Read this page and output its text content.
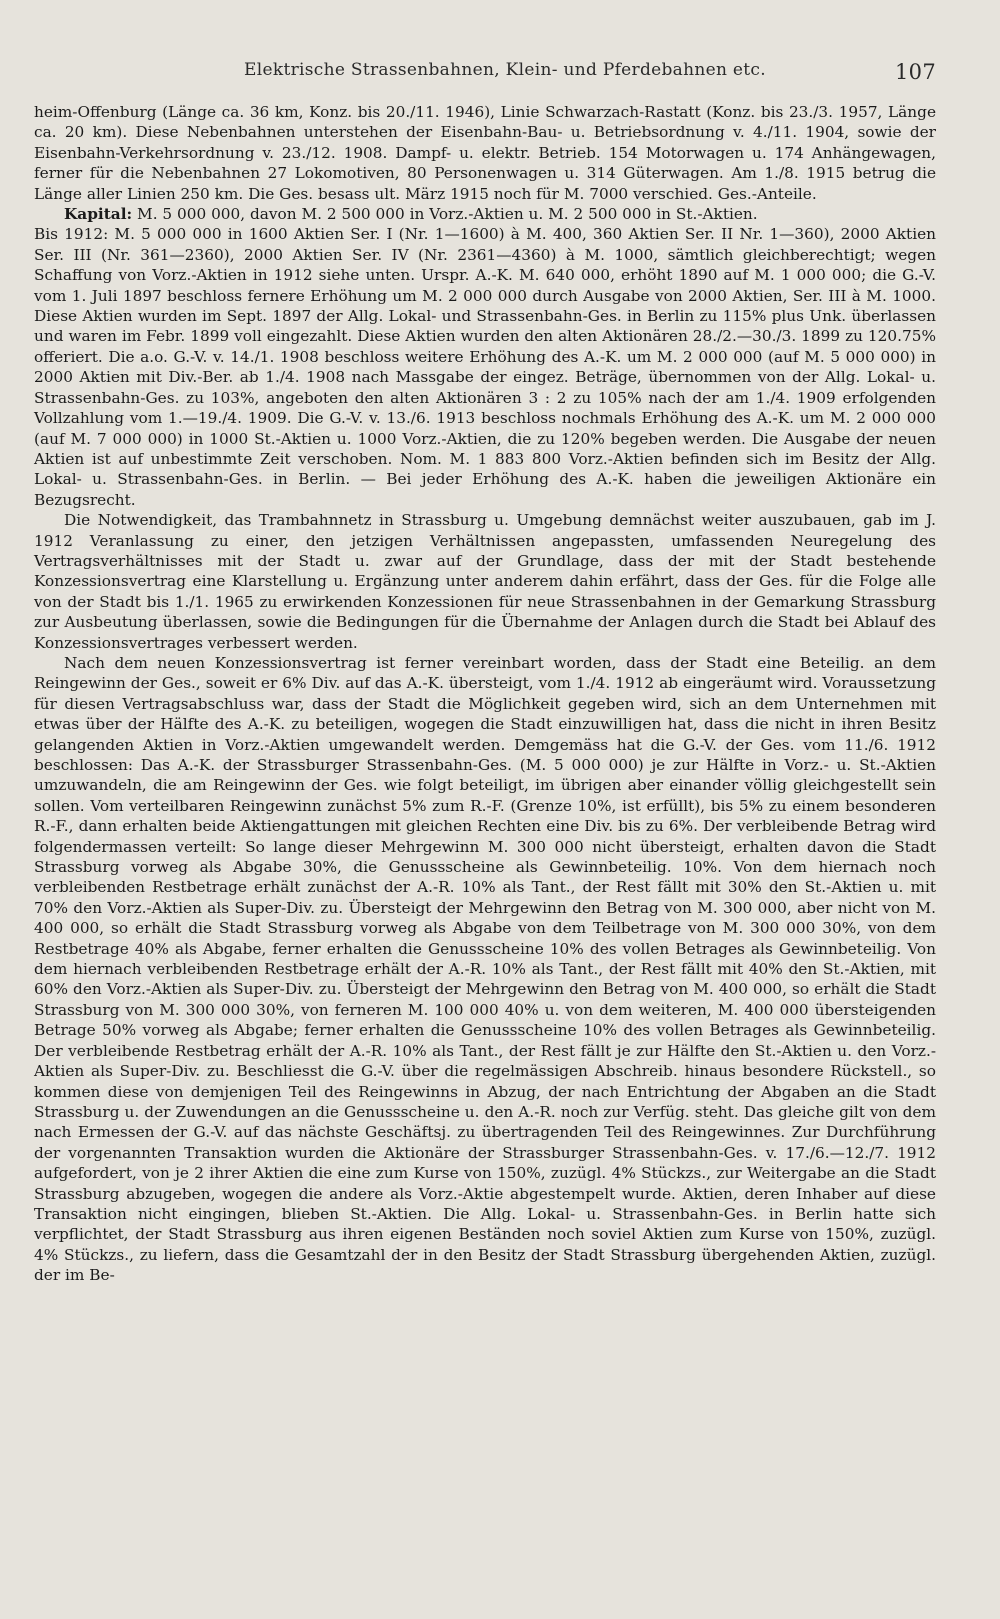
Elektrische Strassenbahnen, Klein- und Pferdebahnen etc.	107

heim-Offenburg (Länge ca. 36 km, Konz. bis 20./11. 1946), Linie Schwarzach-Rastatt (Konz. bis 23./3. 1957, Länge ca. 20 km). Diese Nebenbahnen unterstehen der Eisenbahn-Bau- u. Betriebsordnung v. 4./11. 1904, sowie der Eisenbahn-Verkehrsordnung v. 23./12. 1908. Dampf- u. elektr. Betrieb. 154 Motorwagen u. 174 Anhängewagen, ferner für die Nebenbahnen 27 Lokomotiven, 80 Personenwagen u. 314 Güterwagen. Am 1./8. 1915 betrug die Länge aller Linien 250 km. Die Ges. besass ult. März 1915 noch für M. 7000 verschied. Ges.-Anteile.

Kapital: M. 5 000 000, davon M. 2 500 000 in Vorz.-Aktien u. M. 2 500 000 in St.-Aktien.

Bis 1912: M. 5 000 000 in 1600 Aktien Ser. I (Nr. 1—1600) à M. 400, 360 Aktien Ser. II Nr. 1—360), 2000 Aktien Ser. III (Nr. 361—2360), 2000 Aktien Ser. IV (Nr. 2361—4360) à M. 1000, sämtlich gleichberechtigt; wegen Schaffung von Vorz.-Aktien in 1912 siehe unten. Urspr. A.-K. M. 640 000, erhöht 1890 auf M. 1 000 000; die G.-V. vom 1. Juli 1897 beschloss fernere Erhöhung um M. 2 000 000 durch Ausgabe von 2000 Aktien, Ser. III à M. 1000. Diese Aktien wurden im Sept. 1897 der Allg. Lokal- und Strassenbahn-Ges. in Berlin zu 115% plus Unk. überlassen und waren im Febr. 1899 voll eingezahlt. Diese Aktien wurden den alten Aktionären 28./2.—30./3. 1899 zu 120.75% offeriert. Die a.o. G.-V. v. 14./1. 1908 beschloss weitere Erhöhung des A.-K. um M. 2 000 000 (auf M. 5 000 000) in 2000 Aktien mit Div.-Ber. ab 1./4. 1908 nach Massgabe der eingez. Beträge, übernommen von der Allg. Lokal- u. Strassenbahn-Ges. zu 103%, angeboten den alten Aktionären 3 : 2 zu 105% nach der am 1./4. 1909 erfolgenden Vollzahlung vom 1.—19./4. 1909. Die G.-V. v. 13./6. 1913 beschloss nochmals Erhöhung des A.-K. um M. 2 000 000 (auf M. 7 000 000) in 1000 St.-Aktien u. 1000 Vorz.-Aktien, die zu 120% begeben werden. Die Ausgabe der neuen Aktien ist auf unbestimmte Zeit verschoben. Nom. M. 1 883 800 Vorz.-Aktien befinden sich im Besitz der Allg. Lokal- u. Strassenbahn-Ges. in Berlin. — Bei jeder Erhöhung des A.-K. haben die jeweiligen Aktionäre ein Bezugsrecht.

Die Notwendigkeit, das Trambahnnetz in Strassburg u. Umgebung demnächst weiter auszubauen, gab im J. 1912 Veranlassung zu einer, den jetzigen Verhältnissen angepassten, umfassenden Neuregelung des Vertragsverhältnisses mit der Stadt u. zwar auf der Grundlage, dass der mit der Stadt bestehende Konzessionsvertrag eine Klarstellung u. Ergänzung unter anderem dahin erfährt, dass der Ges. für die Folge alle von der Stadt bis 1./1. 1965 zu erwirkenden Konzessionen für neue Strassenbahnen in der Gemarkung Strassburg zur Ausbeutung überlassen, sowie die Bedingungen für die Übernahme der Anlagen durch die Stadt bei Ablauf des Konzessionsvertrages verbessert werden.

Nach dem neuen Konzessionsvertrag ist ferner vereinbart worden, dass der Stadt eine Beteilig. an dem Reingewinn der Ges., soweit er 6% Div. auf das A.-K. übersteigt, vom 1./4. 1912 ab eingeräumt wird. Voraussetzung für diesen Vertragsabschluss war, dass der Stadt die Möglichkeit gegeben wird, sich an dem Unternehmen mit etwas über der Hälfte des A.-K. zu beteiligen, wogegen die Stadt einzuwilligen hat, dass die nicht in ihren Besitz gelangenden Aktien in Vorz.-Aktien umgewandelt werden. Demgemäss hat die G.-V. der Ges. vom 11./6. 1912 beschlossen: Das A.-K. der Strassburger Strassenbahn-Ges. (M. 5 000 000) je zur Hälfte in Vorz.- u. St.-Aktien umzuwandeln, die am Reingewinn der Ges. wie folgt beteiligt, im übrigen aber einander völlig gleichgestellt sein sollen. Vom verteilbaren Reingewinn zunächst 5% zum R.-F. (Grenze 10%, ist erfüllt), bis 5% zu einem besonderen R.-F., dann erhalten beide Aktiengattungen mit gleichen Rechten eine Div. bis zu 6%. Der verbleibende Betrag wird folgendermassen verteilt: So lange dieser Mehrgewinn M. 300 000 nicht übersteigt, erhalten davon die Stadt Strassburg vorweg als Abgabe 30%, die Genussscheine als Gewinnbeteilig. 10%. Von dem hiernach noch verbleibenden Restbetrage erhält zunächst der A.-R. 10% als Tant., der Rest fällt mit 30% den St.-Aktien u. mit 70% den Vorz.-Aktien als Super-Div. zu. Übersteigt der Mehrgewinn den Betrag von M. 300 000, aber nicht von M. 400 000, so erhält die Stadt Strassburg vorweg als Abgabe von dem Teilbetrage von M. 300 000 30%, von dem Restbetrage 40% als Abgabe, ferner erhalten die Genussscheine 10% des vollen Betrages als Gewinnbeteilig. Von dem hiernach verbleibenden Restbetrage erhält der A.-R. 10% als Tant., der Rest fällt mit 40% den St.-Aktien, mit 60% den Vorz.-Aktien als Super-Div. zu. Übersteigt der Mehrgewinn den Betrag von M. 400 000, so erhält die Stadt Strassburg von M. 300 000 30%, von ferneren M. 100 000 40% u. von dem weiteren, M. 400 000 übersteigenden Betrage 50% vorweg als Abgabe; ferner erhalten die Genussscheine 10% des vollen Betrages als Gewinnbeteilig. Der verbleibende Restbetrag erhält der A.-R. 10% als Tant., der Rest fällt je zur Hälfte den St.-Aktien u. den Vorz.-Aktien als Super-Div. zu. Beschliesst die G.-V. über die regelmässigen Abschreib. hinaus besondere Rückstell., so kommen diese von demjenigen Teil des Reingewinns in Abzug, der nach Entrichtung der Abgaben an die Stadt Strassburg u. der Zuwendungen an die Genussscheine u. den A.-R. noch zur Verfüg. steht. Das gleiche gilt von dem nach Ermessen der G.-V. auf das nächste Geschäftsj. zu übertragenden Teil des Reingewinnes. Zur Durchführung der vorgenannten Transaktion wurden die Aktionäre der Strassburger Strassenbahn-Ges. v. 17./6.—12./7. 1912 aufgefordert, von je 2 ihrer Aktien die eine zum Kurse von 150%, zuzügl. 4% Stückzs., zur Weitergabe an die Stadt Strassburg abzugeben, wogegen die andere als Vorz.-Aktie abgestempelt wurde. Aktien, deren Inhaber auf diese Transaktion nicht eingingen, blieben St.-Aktien. Die Allg. Lokal- u. Strassenbahn-Ges. in Berlin hatte sich verpflichtet, der Stadt Strassburg aus ihren eigenen Beständen noch soviel Aktien zum Kurse von 150%, zuzügl. 4% Stückzs., zu liefern, dass die Gesamtzahl der in den Besitz der Stadt Strassburg übergehenden Aktien, zuzügl. der im Be-
